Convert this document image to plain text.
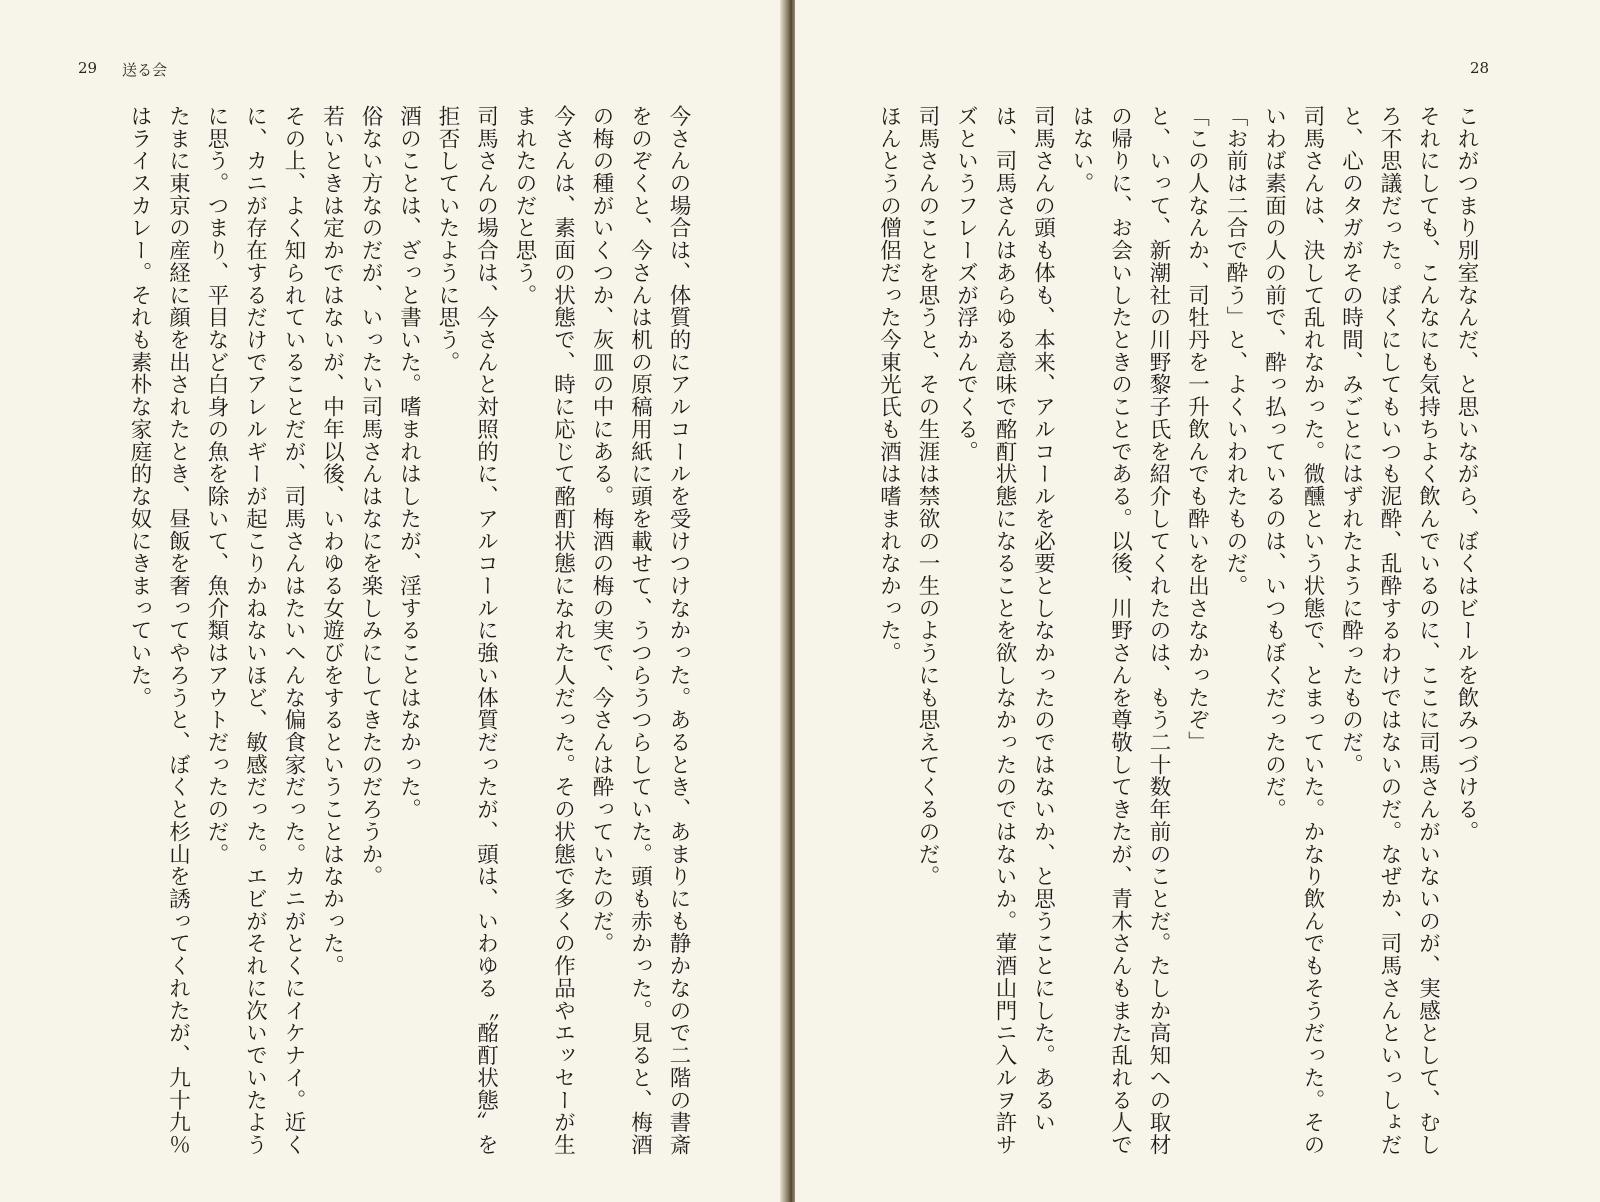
29 送る会

今さんの場合は、体質的にアルコールを受けつけなかった。あるとき、あまりにも静かなので二階の書斎をのぞくと、今さんは机の原稿用紙に頭を載せて、うつらうつらしていた。頭も赤かった。見ると、梅酒の梅の種がいくつか、灰皿の中にある。梅酒の梅の実で、今さんは酔っていたのだ。

今さんは、素面の状態で、時に応じて酩酊状態になれた人だった。その状態で多くの作品やエッセーが生まれたのだと思う。

司馬さんの場合は、今さんと対照的に、アルコールに強い体質だったが、頭は、いわゆる〝酩酊状態〟を拒否していたように思う。

酒のことは、ざっと書いた。嗜まれはしたが、淫することはなかった。

俗ない方なのだが、いったい司馬さんはなにを楽しみにしてきたのだろうか。

若いときは定かではないが、中年以後、いわゆる女遊びをするということはなかった。

その上、よく知られていることだが、司馬さんはたいへんな偏食家だった。カニがとくにイケナイ。近くに、カニが存在するだけでアレルギーが起こりかねないほど、敏感だった。エビがそれに次いでいたように思う。つまり、平目など白身の魚を除いて、魚介類はアウトだったのだ。

たまに東京の産経に顔を出されたとき、昼飯を奢ってやろうと、ぼくと杉山を誘ってくれたが、九十九％はライスカレー。それも素朴な家庭的な奴にきまっていた。

28

これがつまり別室なんだ、と思いながら、ぼくはビールを飲みつづける。

それにしても、こんなにも気持ちよく飲んでいるのに、ここに司馬さんがいないのが、実感として、むしろ不思議だった。ぼくにしてもいつも泥酔、乱酔するわけではないのだ。なぜか、司馬さんといっしょだと、心のタガがその時間、みごとにはずれたように酔ったものだ。

司馬さんは、決して乱れなかった。微醺という状態で、とまっていた。かなり飲んでもそうだった。そのいわば素面の人の前で、酔っ払っているのは、いつもぼくだったのだ。

「お前は二合で酔う」と、よくいわれたものだ。

「この人なんか、司牡丹を一升飲んでも酔いを出さなかったぞ」

と、いって、新潮社の川野黎子氏を紹介してくれたのは、もう二十数年前のことだ。たしか高知への取材の帰りに、お会いしたときのことである。以後、川野さんを尊敬してきたが、青木さんもまた乱れる人ではない。

司馬さんの頭も体も、本来、アルコールを必要としなかったのではないか、と思うことにした。あるいは、司馬さんはあらゆる意味で酩酊状態になることを欲しなかったのではないか。葷酒山門ニ入ルヲ許サズというフレーズが浮かんでくる。

司馬さんのことを思うと、その生涯は禁欲の一生のようにも思えてくるのだ。

ほんとうの僧侶だった今東光氏も酒は嗜まれなかった。
